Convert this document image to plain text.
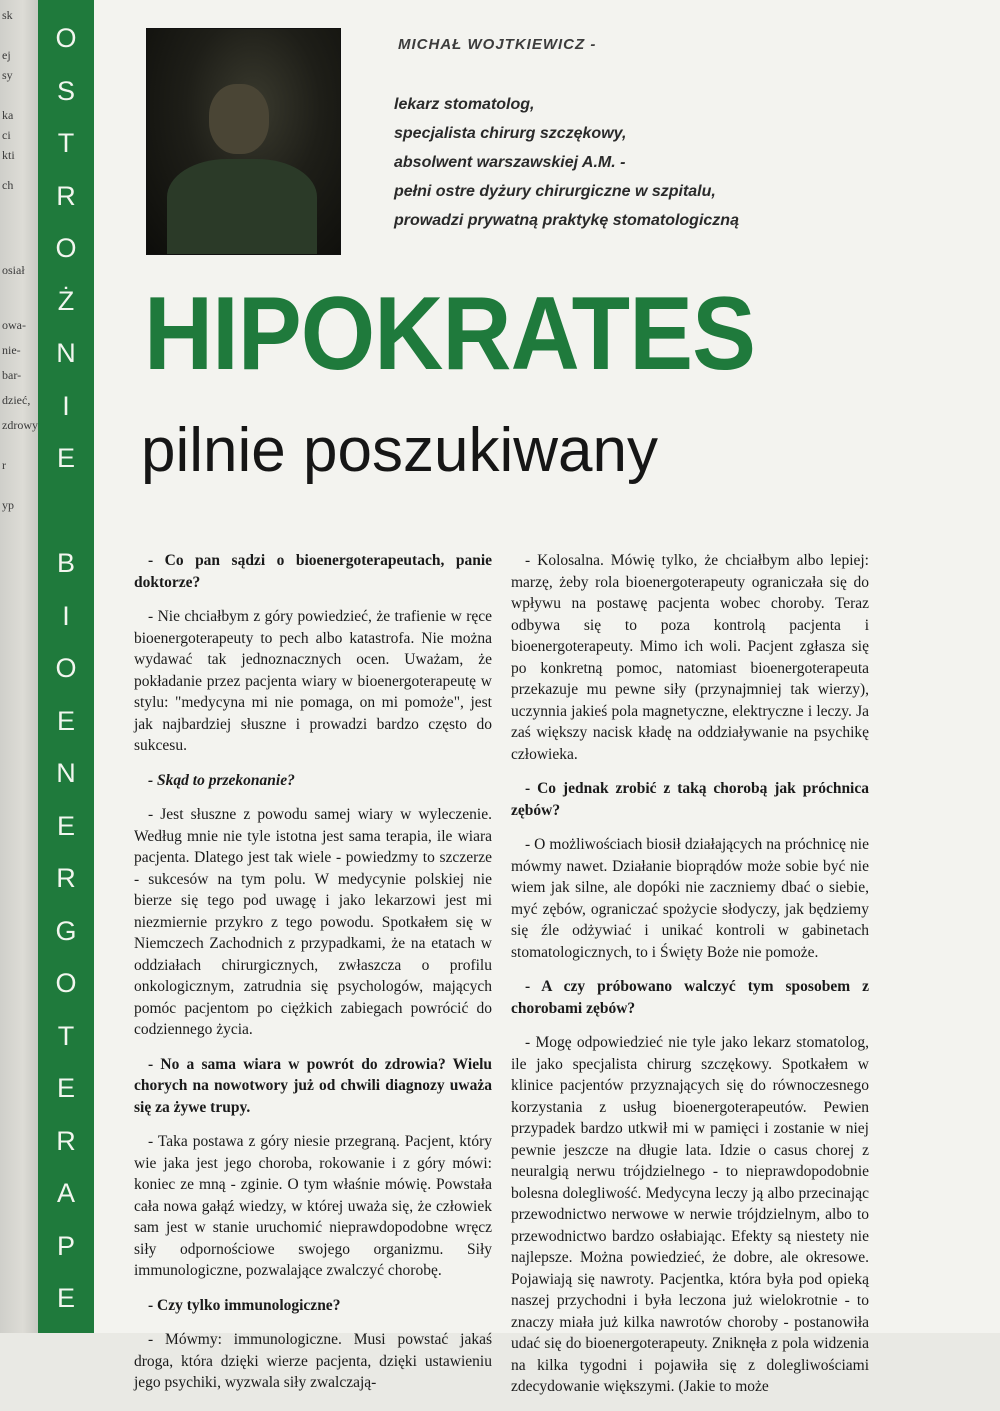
sk
ej
sy
ka
ci
kti
ch
osiał
owa-
nie-
bar-
dzieć,
zdrowy
r
yp
O
S
T
R
O
Ż
N
I
E
B
I
O
E
N
E
R
G
O
T
E
R
A
P
E
MICHAŁ WOJTKIEWICZ -
lekarz stomatolog,
specjalista chirurg szczękowy,
absolwent warszawskiej A.M. -
pełni ostre dyżury chirurgiczne w szpitalu,
prowadzi prywatną praktykę stomatologiczną
HIPOKRATES
pilnie poszukiwany

- Co pan sądzi o bioenergoterapeutach, panie doktorze?

- Nie chciałbym z góry powiedzieć, że trafienie w ręce bioenergoterapeuty to pech albo katastrofa. Nie można wydawać tak jednoznacznych ocen. Uważam, że pokładanie przez pacjenta wiary w bioenergoterapeutę w stylu: "medycyna mi nie pomaga, on mi pomoże", jest jak najbardziej słuszne i prowadzi bardzo często do sukcesu.

- Skąd to przekonanie?

- Jest słuszne z powodu samej wiary w wyleczenie. Według mnie nie tyle istotna jest sama terapia, ile wiara pacjenta. Dlatego jest tak wiele - powiedzmy to szczerze - sukcesów na tym polu. W medycynie polskiej nie bierze się tego pod uwagę i jako lekarzowi jest mi niezmiernie przykro z tego powodu. Spotkałem się w Niemczech Zachodnich z przypadkami, że na etatach w oddziałach chirurgicznych, zwłaszcza o profilu onkologicznym, zatrudnia się psychologów, mających pomóc pacjentom po ciężkich zabiegach powrócić do codziennego życia.

- No a sama wiara w powrót do zdrowia? Wielu chorych na nowotwory już od chwili diagnozy uważa się za żywe trupy.

- Taka postawa z góry niesie przegraną. Pacjent, który wie jaka jest jego choroba, rokowanie i z góry mówi: koniec ze mną - zginie. O tym właśnie mówię. Powstała cała nowa gałąź wiedzy, w której uważa się, że człowiek sam jest w stanie uruchomić nieprawdopodobne wręcz siły odpornościowe swojego organizmu. Siły immunologiczne, pozwalające zwalczyć chorobę.

- Czy tylko immunologiczne?

- Mówmy: immunologiczne. Musi powstać jakaś droga, która dzięki wierze pacjenta, dzięki ustawieniu jego psychiki, wyzwala siły zwalczają-

- Kolosalna. Mówię tylko, że chciałbym albo lepiej: marzę, żeby rola bioenergoterapeuty ograniczała się do wpływu na postawę pacjenta wobec choroby. Teraz odbywa się to poza kontrolą pacjenta i bioenergoterapeuty. Mimo ich woli. Pacjent zgłasza się po konkretną pomoc, natomiast bioenergoterapeuta przekazuje mu pewne siły (przynajmniej tak wierzy), uczynnia jakieś pola magnetyczne, elektryczne i leczy. Ja zaś większy nacisk kładę na oddziaływanie na psychikę człowieka.

- Co jednak zrobić z taką chorobą jak próchnica zębów?

- O możliwościach biosił działających na próchnicę nie mówmy nawet. Działanie bioprądów może sobie być nie wiem jak silne, ale dopóki nie zaczniemy dbać o siebie, myć zębów, ograniczać spożycie słodyczy, jak będziemy się źle odżywiać i unikać kontroli w gabinetach stomatologicznych, to i Święty Boże nie pomoże.

- A czy próbowano walczyć tym sposobem z chorobami zębów?

- Mogę odpowiedzieć nie tyle jako lekarz stomatolog, ile jako specjalista chirurg szczękowy. Spotkałem w klinice pacjentów przyznających się do równoczesnego korzystania z usług bioenergoterapeutów. Pewien przypadek bardzo utkwił mi w pamięci i zostanie w niej pewnie jeszcze na długie lata. Idzie o casus chorej z neuralgią nerwu trójdzielnego - to nieprawdopodobnie bolesna dolegliwość. Medycyna leczy ją albo przecinając przewodnictwo nerwowe w nerwie trójdzielnym, albo to przewodnictwo bardzo osłabiając. Efekty są niestety nie najlepsze. Można powiedzieć, że dobre, ale okresowe. Pojawiają się nawroty. Pacjentka, która była pod opieką naszej przychodni i była leczona już wielokrotnie - to znaczy miała już kilka nawrotów choroby - postanowiła udać się do bioenergoterapeuty. Zniknęła z pola widzenia na kilka tygodni i pojawiła się z dolegliwościami zdecydowanie większymi. (Jakie to może
